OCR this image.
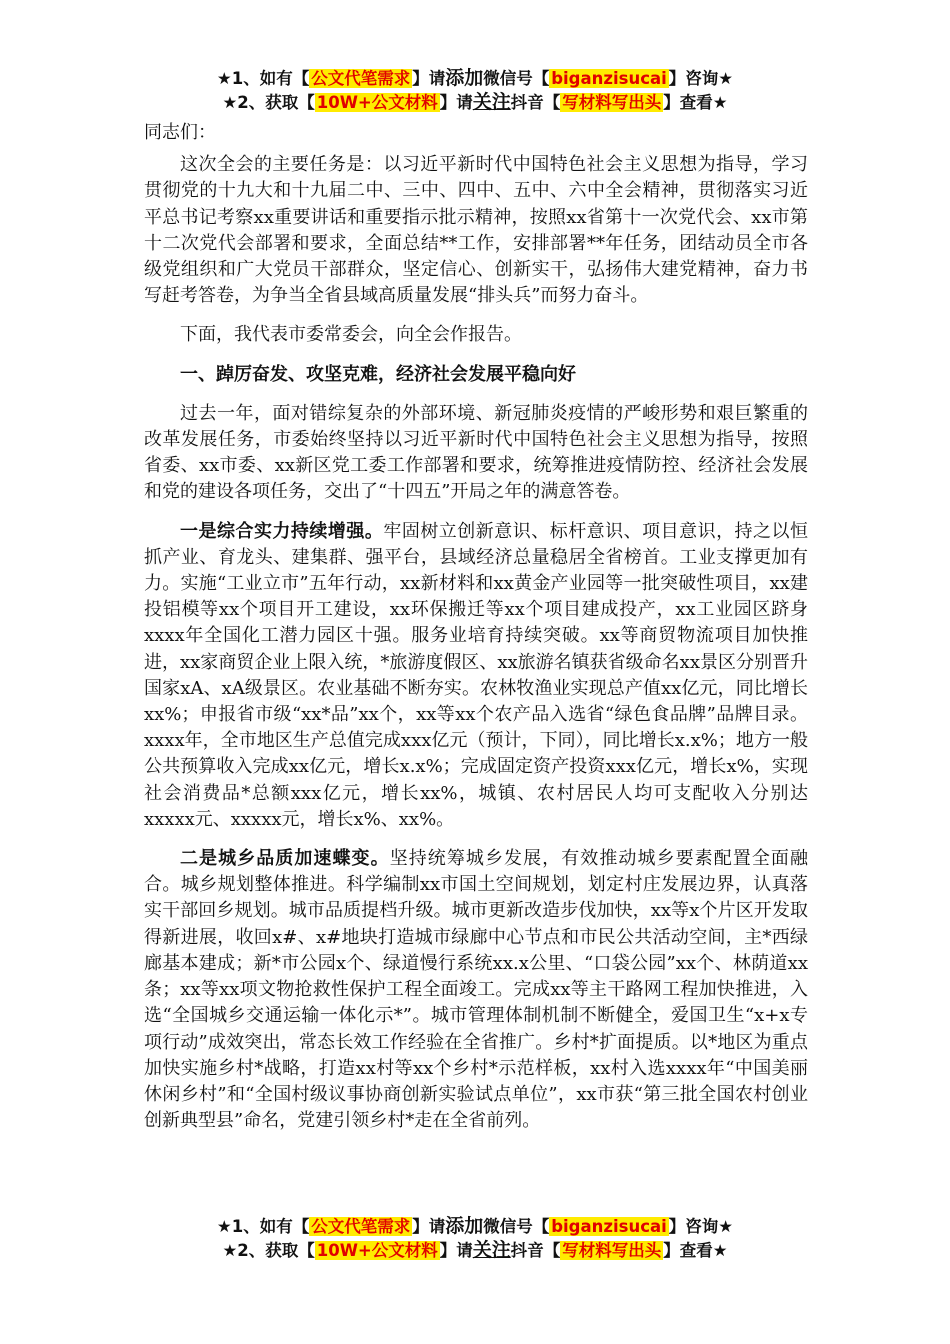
★1、如有【 公文代笔需求 】请添加微信号【 biganzisucai 】咨询★
★2、获取【 10W+公文材料 】请关注抖音【 写材料写出头 】查看★

同志们：

这次全会的主要任务是：以习近平新时代中国特色社会主义思想为指导，学习贯彻党的十九大和十九届二中、三中、四中、五中、六中全会精神，贯彻落实习近平总书记考察xx重要讲话和重要指示批示精神，按照xx省第十一次党代会、xx市第十二次党代会部署和要求，全面总结**工作，安排部署**年任务，团结动员全市各级党组织和广大党员干部群众，坚定信心、创新实干，弘扬伟大建党精神，奋力书写赶考答卷，为争当全省县域高质量发展“排头兵”而努力奋斗。

下面，我代表市委常委会，向全会作报告。

一、踔厉奋发、攻坚克难，经济社会发展平稳向好

过去一年，面对错综复杂的外部环境、新冠肺炎疫情的严峻形势和艰巨繁重的改革发展任务，市委始终坚持以习近平新时代中国特色社会主义思想为指导，按照省委、xx市委、xx新区党工委工作部署和要求，统筹推进疫情防控、经济社会发展和党的建设各项任务，交出了“十四五”开局之年的满意答卷。

一是综合实力持续增强。牢固树立创新意识、标杆意识、项目意识，持之以恒抓产业、育龙头、建集群、强平台，县域经济总量稳居全省榜首。工业支撑更加有力。实施“工业立市”五年行动，xx新材料和xx黄金产业园等一批突破性项目，xx建投铝模等xx个项目开工建设，xx环保搬迁等xx个项目建成投产，xx工业园区跻身xxxx年全国化工潜力园区十强。服务业培育持续突破。xx等商贸物流项目加快推进，xx家商贸企业上限入统，*旅游度假区、xx旅游名镇获省级命名xx景区分别晋升国家xA、xA级景区。农业基础不断夯实。农林牧渔业实现总产值xx亿元，同比增长xx%；申报省市级“xx*品”xx个，xx等xx个农产品入选省“绿色食品牌”品牌目录。xxxx年，全市地区生产总值完成xxx亿元（预计，下同），同比增长x.x%；地方一般公共预算收入完成xx亿元，增长x.x%；完成固定资产投资xxx亿元，增长x%，实现社会消费品*总额xxx亿元，增长xx%，城镇、农村居民人均可支配收入分别达xxxxx元、xxxxx元，增长x%、xx%。

二是城乡品质加速蝶变。坚持统筹城乡发展，有效推动城乡要素配置全面融合。城乡规划整体推进。科学编制xx市国土空间规划，划定村庄发展边界，认真落实干部回乡规划。城市品质提档升级。城市更新改造步伐加快，xx等x个片区开发取得新进展，收回x#、x#地块打造城市绿廊中心节点和市民公共活动空间，主*西绿廊基本建成；新*市公园x个、绿道慢行系统xx.x公里、“口袋公园”xx个、林荫道xx条；xx等xx项文物抢救性保护工程全面竣工。完成xx等主干路网工程加快推进，入选“全国城乡交通运输一体化示*”。城市管理体制机制不断健全，爱国卫生“x+x专项行动”成效突出，常态长效工作经验在全省推广。乡村*扩面提质。以*地区为重点加快实施乡村*战略，打造xx村等xx个乡村*示范样板，xx村入选xxxx年“中国美丽休闲乡村”和“全国村级议事协商创新实验试点单位”，xx市获“第三批全国农村创业创新典型县”命名，党建引领乡村*走在全省前列。

★1、如有【 公文代笔需求 】请添加微信号【 biganzisucai 】咨询★
★2、获取【 10W+公文材料 】请关注抖音【 写材料写出头 】查看★
